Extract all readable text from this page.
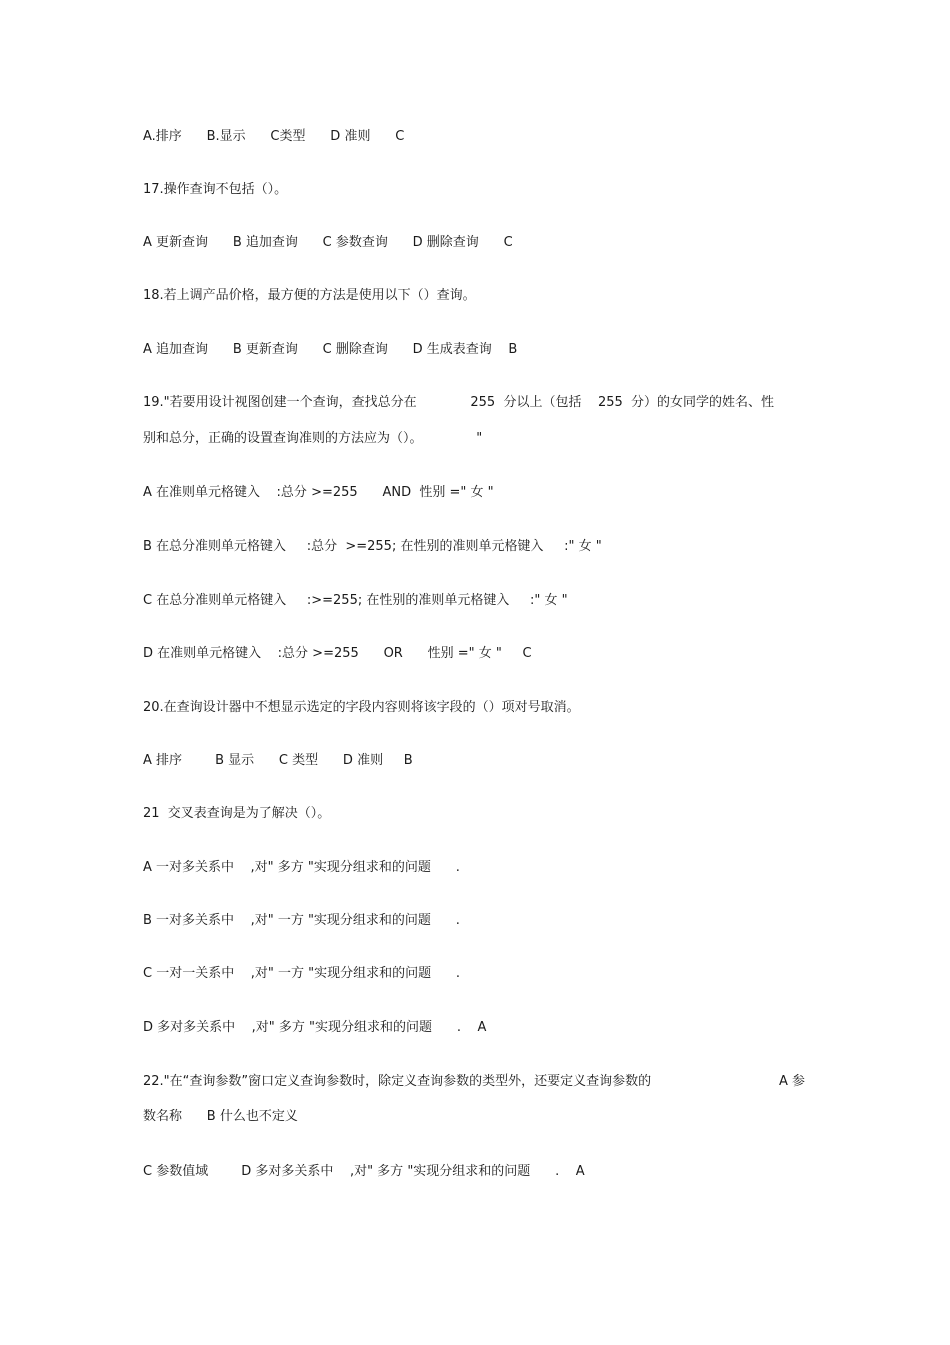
A.排序      B.显示      C类型      D 准则      C
17.操作查询不包括（）。
A 更新查询      B 追加查询      C 参数查询      D 删除查询      C
18.若上调产品价格，最方便的方法是使用以下（）查询。
A 追加查询      B 更新查询      C 删除查询      D 生成表查询    B
19."若要用设计视图创建一个查询，查找总分在             255  分以上（包括    255  分）的女同学的姓名、性
别和总分，正确的设置查询准则的方法应为（）。             "
A 在准则单元格键入    :总分 >=255      AND  性别 =" 女 "
B 在总分准则单元格键入     :总分  >=255; 在性别的准则单元格键入     :" 女 "
C 在总分准则单元格键入     :>=255; 在性别的准则单元格键入     :" 女 "
D 在准则单元格键入    :总分 >=255      OR      性别 =" 女 "     C
20.在查询设计器中不想显示选定的字段内容则将该字段的（）项对号取消。
A 排序        B 显示      C 类型      D 准则     B
21  交叉表查询是为了解决（）。
A 一对多关系中    ,对" 多方 "实现分组求和的问题      .
B 一对多关系中    ,对" 一方 "实现分组求和的问题      .
C 一对一关系中    ,对" 一方 "实现分组求和的问题      .
D 多对多关系中    ,对" 多方 "实现分组求和的问题      .    A
22."在“查询参数”窗口定义查询参数时，除定义查询参数的类型外，还要定义查询参数的	A 参
数名称      B 什么也不定义
C 参数值域        D 多对多关系中    ,对" 多方 "实现分组求和的问题      .    A
